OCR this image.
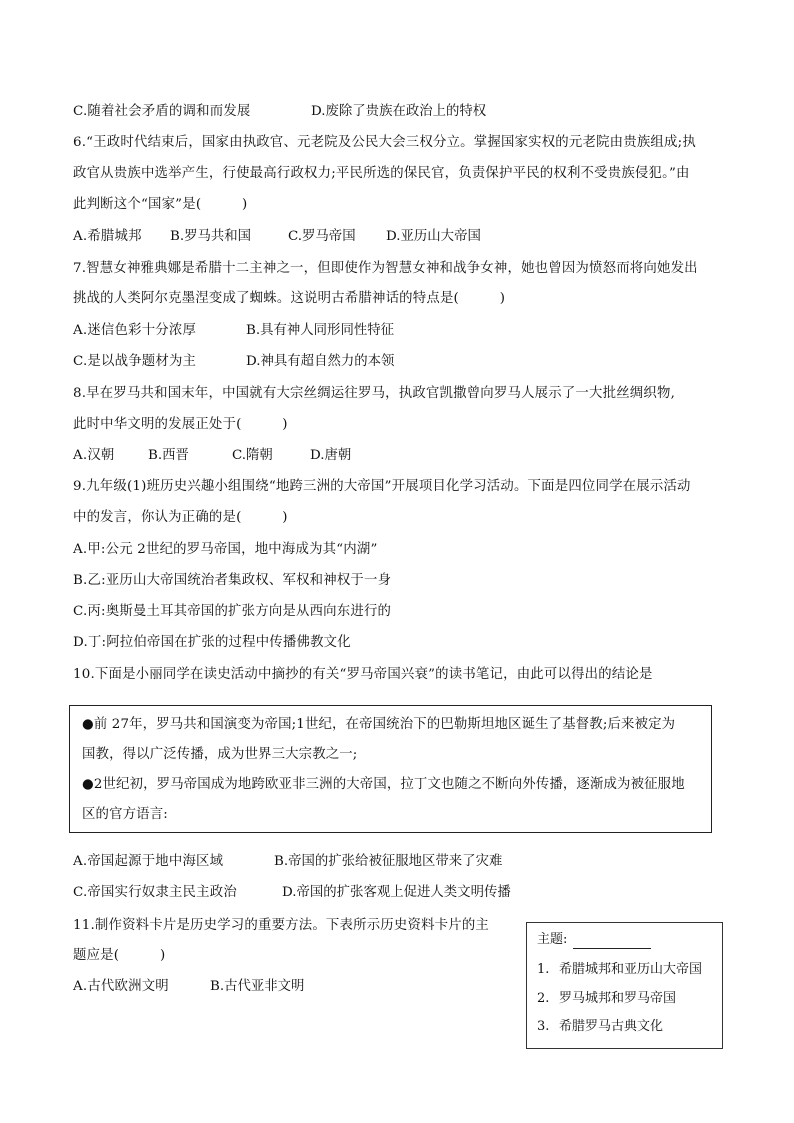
C.随着社会矛盾的调和而发展	D.废除了贵族在政治上的特权
6.“王政时代结束后，国家由执政官、元老院及公民大会三权分立。掌握国家实权的元老院由贵族组成;执
政官从贵族中选举产生，行使最高行政权力;平民所选的保民官，负责保护平民的权利不受贵族侵犯。”由
此判断这个“国家”是(　　　)
A.希腊城邦 B.罗马共和国	C.罗马帝国 D.亚历山大帝国
7.智慧女神雅典娜是希腊十二主神之一，但即使作为智慧女神和战争女神，她也曾因为愤怒而将向她发出
挑战的人类阿尔克墨涅变成了蜘蛛。这说明古希腊神话的特点是(　　　)
A.迷信色彩十分浓厚	B.具有神人同形同性特征
C.是以战争题材为主	D.神具有超自然力的本领
8.早在罗马共和国末年，中国就有大宗丝绸运往罗马，执政官凯撒曾向罗马人展示了一大批丝绸织物,
此时中华文明的发展正处于(　　　)
A.汉朝 B.西晋	C.隋朝	D.唐朝
9.九年级(1)班历史兴趣小组围绕“地跨三洲的大帝国”开展项目化学习活动。下面是四位同学在展示活动
中的发言，你认为正确的是(　　　)
A.甲:公元 2世纪的罗马帝国，地中海成为其“内湖”
B.乙:亚历山大帝国统治者集政权、军权和神权于一身
C.丙:奥斯曼土耳其帝国的扩张方向是从西向东进行的
D.丁:阿拉伯帝国在扩张的过程中传播佛教文化
10.下面是小丽同学在读史活动中摘抄的有关“罗马帝国兴衰”的读书笔记，由此可以得出的结论是
●前 27年，罗马共和国演变为帝国;1世纪，在帝国统治下的巴勒斯坦地区诞生了基督教;后来被定为
国教，得以广泛传播，成为世界三大宗教之一;
●2世纪初，罗马帝国成为地跨欧亚非三洲的大帝国，拉丁文也随之不断向外传播，逐渐成为被征服地
区的官方语言:
A.帝国起源于地中海区域	B.帝国的扩张给被征服地区带来了灾难
C.帝国实行奴隶主民主政治	D.帝国的扩张客观上促进人类文明传播
11.制作资料卡片是历史学习的重要方法。下表所示历史资料卡片的主
题应是(　　　)
A.古代欧洲文明	B.古代亚非文明
主题:
1. 希腊城邦和亚历山大帝国
2. 罗马城邦和罗马帝国
3. 希腊罗马古典文化
